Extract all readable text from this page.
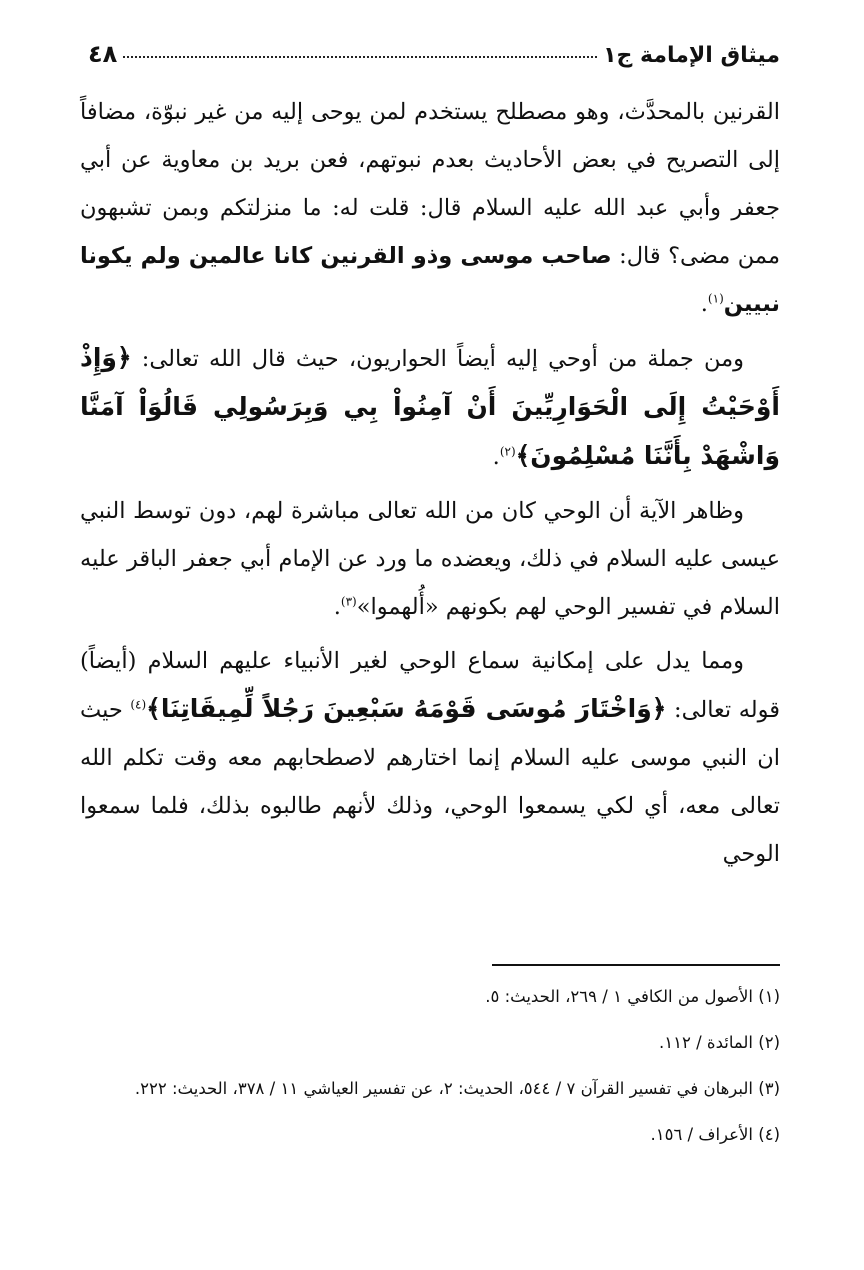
ميثاق الإمامة ج١
٤٨

القرنين بالمحدَّث، وهو مصطلح يستخدم لمن يوحى إليه من غير نبوّة، مضافاً إلى التصريح في بعض الأحاديث بعدم نبوتهم، فعن بريد بن معاوية عن أبي جعفر وأبي عبد الله عليه السلام قال: قلت له: ما منزلتكم وبمن تشبهون ممن مضى؟ قال: صاحب موسى وذو القرنين كانا عالمين ولم يكونا نبيين$^{(١)}$.

ومن جملة من أوحي إليه أيضاً الحواريون، حيث قال الله تعالى: ﴿وَإِذْ أَوْحَيْتُ إِلَى الْحَوَارِيِّينَ أَنْ آمِنُواْ بِي وَبِرَسُولِي قَالُوَاْ آمَنَّا وَاشْهَدْ بِأَنَّنَا مُسْلِمُونَ﴾$^{(٢)}$.

وظاهر الآية أن الوحي كان من الله تعالى مباشرة لهم، دون توسط النبي عيسى عليه السلام في ذلك، ويعضده ما ورد عن الإمام أبي جعفر الباقر عليه السلام في تفسير الوحي لهم بكونهم «أُلهموا»$^{(٣)}$.

ومما يدل على إمكانية سماع الوحي لغير الأنبياء عليهم السلام (أيضاً) قوله تعالى: ﴿وَاخْتَارَ مُوسَى قَوْمَهُ سَبْعِينَ رَجُلاً لِّمِيقَاتِنَا﴾$^{(٤)}$ حيث ان النبي موسى عليه السلام إنما اختارهم لاصطحابهم معه وقت تكلم الله تعالى معه، أي لكي يسمعوا الوحي، وذلك لأنهم طالبوه بذلك، فلما سمعوا الوحي

(١) الأصول من الكافي ١ / ٢٦٩، الحديث: ٥.

(٢) المائدة / ١١٢.

(٣) البرهان في تفسير القرآن ٧ / ٥٤٤، الحديث: ٢، عن تفسير العياشي ١١ / ٣٧٨، الحديث: ٢٢٢.

(٤) الأعراف / ١٥٦.
